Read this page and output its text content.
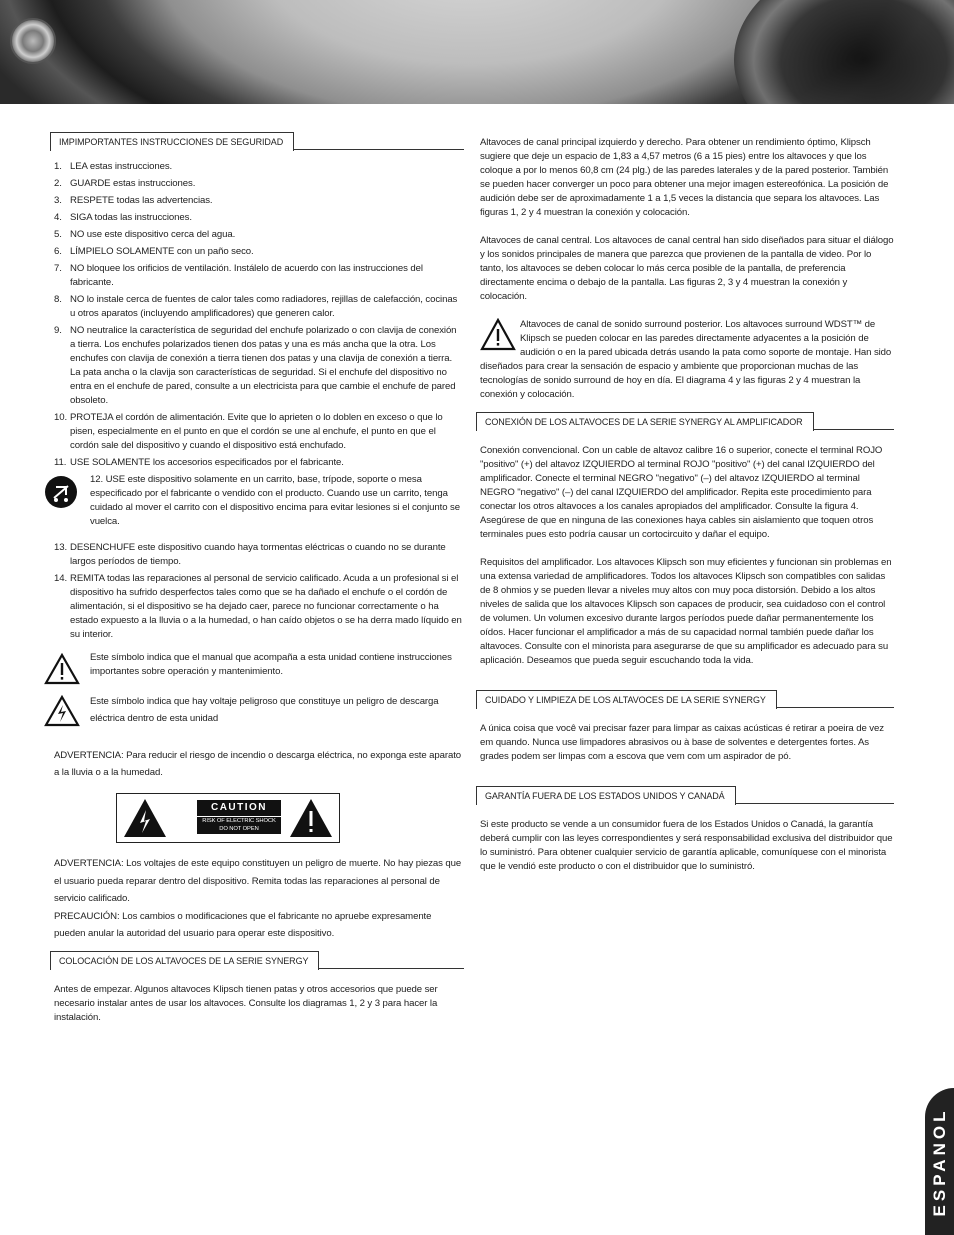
IMPIMPORTANTES INSTRUCCIONES DE SEGURIDAD
1. LEA estas instrucciones.
2. GUARDE estas instrucciones.
3. RESPETE todas las advertencias.
4. SIGA todas las instrucciones.
5. NO use este dispositivo cerca del agua.
6. LÍMPIELO SOLAMENTE con un paño seco.
7. NO bloquee los orificios de ventilación. Instálelo de acuerdo con las instrucciones del fabricante.
8. NO lo instale cerca de fuentes de calor tales como radiadores, rejillas de calefacción, cocinas u otros aparatos (incluyendo amplificadores) que generen calor.
9. NO neutralice la característica de seguridad del enchufe polarizado o con clavija de conexión a tierra. Los enchufes polarizados tienen dos patas y una es más ancha que la otra. Los enchufes con clavija de conexión a tierra tienen dos patas y una clavija de conexión a tierra. La pata ancha o la clavija son características de seguridad. Si el enchufe del dispositivo no entra en el enchufe de pared, consulte a un electricista para que cambie el enchufe de pared obsoleto.
10. PROTEJA el cordón de alimentación. Evite que lo aprieten o lo doblen en exceso o que lo pisen, especialmente en el punto en que el cordón se une al enchufe, el punto en que el cordón sale del dispositivo y cuando el dispositivo está enchufado.
11. USE SOLAMENTE los accesorios especificados por el fabricante.
12. USE este dispositivo solamente en un carrito, base, trípode, soporte o mesa especificado por el fabricante o vendido con el producto. Cuando use un carrito, tenga cuidado al mover el carrito con el dispositivo encima para evitar lesiones si el conjunto se vuelca.
13. DESENCHUFE este dispositivo cuando haya tormentas eléctricas o cuando no se durante largos períodos de tiempo.
14. REMITA todas las reparaciones al personal de servicio calificado. Acuda a un profesional si el dispositivo ha sufrido desperfectos tales como que se ha dañado el enchufe o el cordón de alimentación, si el dispositivo se ha dejado caer, parece no funcionar correctamente o ha estado expuesto a la lluvia o a la humedad, o han caído objetos o se ha derra mado líquido en su interior.
Este símbolo indica que el manual que acompaña a esta unidad contiene instrucciones importantes sobre operación y mantenimiento.
Este símbolo indica que hay voltaje peligroso que constituye un peligro de descarga eléctrica dentro de esta unidad

ADVERTENCIA: Para reducir el riesgo de incendio o descarga eléctrica, no exponga este aparato a la lluvia o a la humedad.

CAUTION
RISK OF ELECTRIC SHOCK
DO NOT OPEN

ADVERTENCIA: Los voltajes de este equipo constituyen un peligro de muerte. No hay piezas que el usuario pueda reparar dentro del dispositivo. Remita todas las reparaciones al personal de servicio calificado.

PRECAUCIÓN: Los cambios o modificaciones que el fabricante no apruebe expresamente pueden anular la autoridad del usuario para operar este dispositivo.

COLOCACIÓN DE LOS ALTAVOCES DE LA SERIE SYNERGY

Antes de empezar. Algunos altavoces Klipsch tienen patas y otros accesorios que puede ser necesario instalar antes de usar los altavoces. Consulte los diagramas 1, 2 y 3 para hacer la instalación.

Altavoces de canal principal izquierdo y derecho. Para obtener un rendimiento óptimo, Klipsch sugiere que deje un espacio de 1,83 a 4,57 metros (6 a 15 pies) entre los altavoces y que los coloque a por lo menos 60,8 cm (24 plg.) de las paredes laterales y de la pared posterior. También se pueden hacer converger un poco para obtener una mejor imagen estereofónica. La posición de audición debe ser de aproximadamente 1 a 1,5 veces la distancia que separa los altavoces. Las figuras 1, 2 y 4 muestran la conexión y colocación.

Altavoces de canal central. Los altavoces de canal central han sido diseñados para situar el diálogo y los sonidos principales de manera que parezca que provienen de la pantalla de video. Por lo tanto, los altavoces se deben colocar lo más cerca posible de la pantalla, de preferencia directamente encima o debajo de la pantalla. Las figuras 2, 3 y 4 muestran la conexión y colocación.

Altavoces de canal de sonido surround posterior. Los altavoces surround WDST™ de Klipsch se pueden colocar en las paredes directamente adyacentes a la posición de audición o en la pared ubicada detrás usando la pata como soporte de montaje. Han sido diseñados para crear la sensación de espacio y ambiente que proporcionan muchas de las tecnologías de sonido surround de hoy en día. El diagrama 4 y las figuras 2 y 4 muestran la conexión y colocación.

CONEXIÓN DE LOS ALTAVOCES DE LA SERIE SYNERGY AL AMPLIFICADOR

Conexión convencional. Con un cable de altavoz calibre 16 o superior, conecte el terminal ROJO "positivo" (+) del altavoz IZQUIERDO al terminal ROJO "positivo" (+) del canal IZQUIERDO del amplificador. Conecte el terminal NEGRO "negativo" (–) del altavoz IZQUIERDO al terminal NEGRO "negativo" (–) del canal IZQUIERDO del amplificador. Repita este procedimiento para conectar los otros altavoces a los canales apropiados del amplificador. Consulte la figura 4. Asegúrese de que en ninguna de las conexiones haya cables sin aislamiento que toquen otros terminales pues esto podría causar un cortocircuito y dañar el equipo.

Requisitos del amplificador. Los altavoces Klipsch son muy eficientes y funcionan sin problemas en una extensa variedad de amplificadores. Todos los altavoces Klipsch son compatibles con salidas de 8 ohmios y se pueden llevar a niveles muy altos con muy poca distorsión. Debido a los altos niveles de salida que los altavoces Klipsch son capaces de producir, sea cuidadoso con el control de volumen. Un volumen excesivo durante largos períodos puede dañar permanentemente los oídos. Hacer funcionar el amplificador a más de su capacidad normal también puede dañar los altavoces. Consulte con el minorista para asegurarse de que su amplificador es adecuado para su aplicación. Deseamos que pueda seguir escuchando toda la vida.

CUIDADO Y LIMPIEZA DE LOS ALTAVOCES DE LA SERIE SYNERGY

A única coisa que você vai precisar fazer para limpar as caixas acústicas é retirar a poeira de vez em quando. Nunca use limpadores abrasivos ou à base de solventes e detergentes fortes. As grades podem ser limpas com a escova que vem com um aspirador de pó.

GARANTÍA FUERA DE LOS ESTADOS UNIDOS Y CANADÁ

Si este producto se vende a un consumidor fuera de los Estados Unidos o Canadá, la garantía deberá cumplir con las leyes correspondientes y será responsabilidad exclusiva del distribuidor que lo suministró. Para obtener cualquier servicio de garantía aplicable, comuníquese con el minorista que le vendió este producto o con el distribuidor que lo suministró.

ESPANOL
